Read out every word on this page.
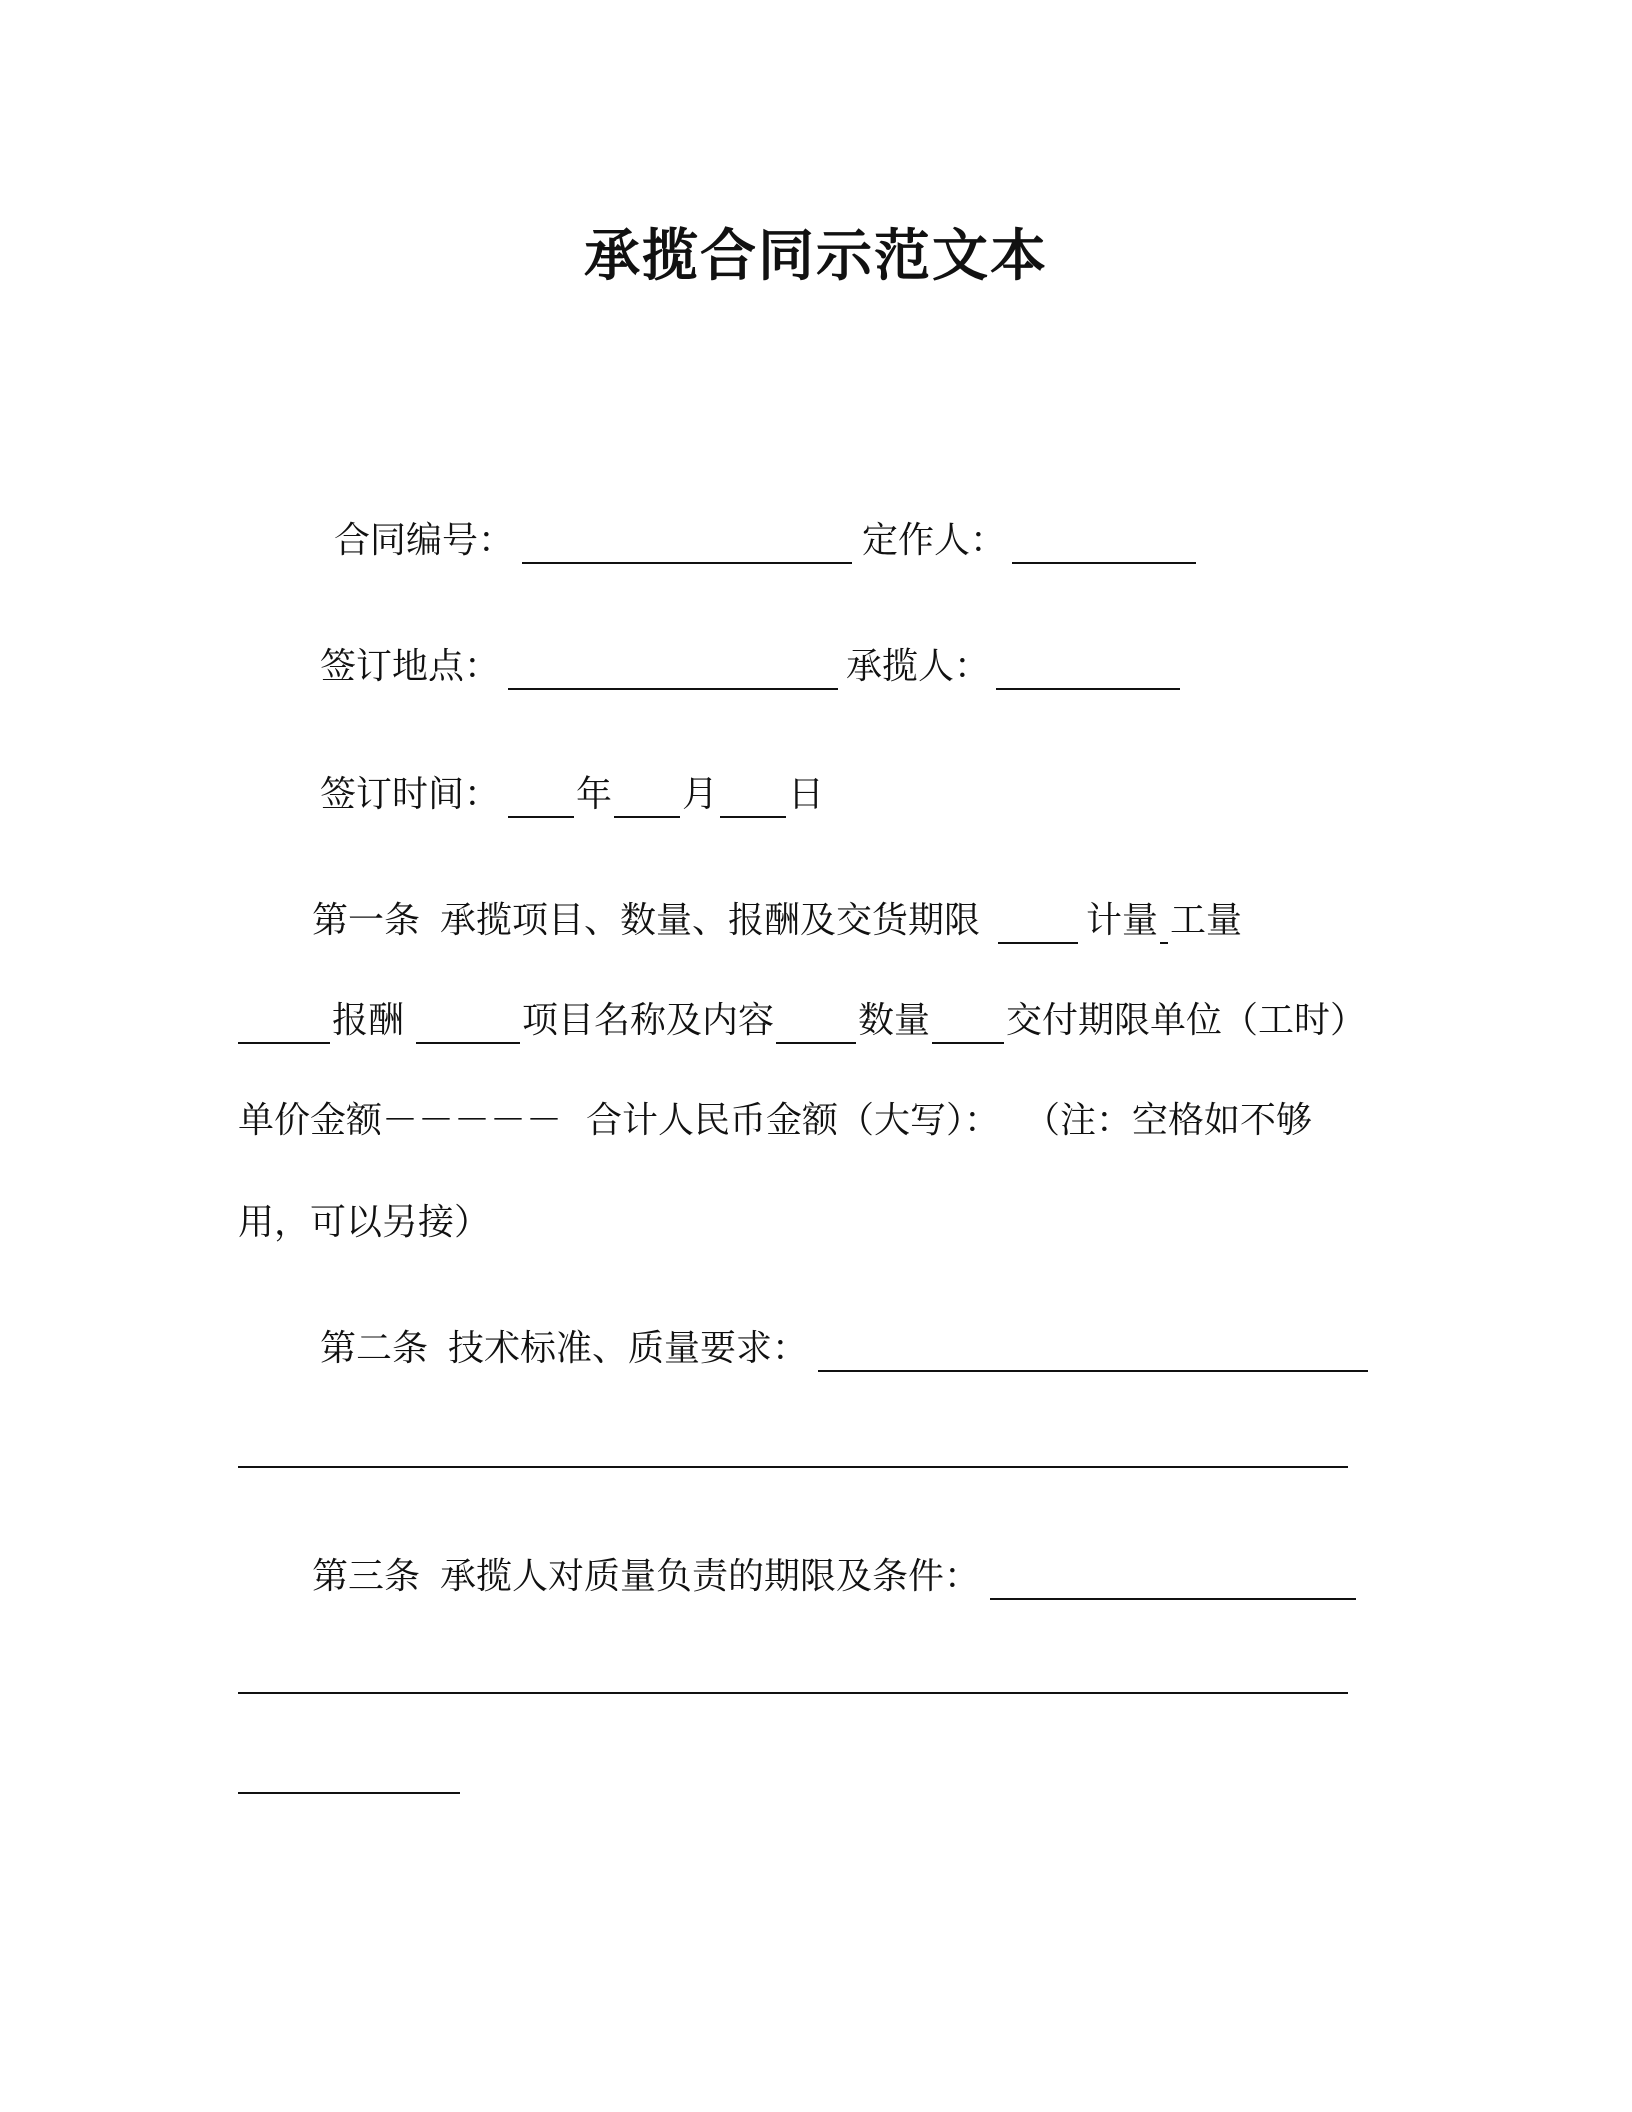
承揽合同示范文本
合同编号：	定作人：
签订地点：	承揽人：
签订时间： 年 月 日
第一条 承揽项目、数量、报酬及交货期限	计量 工量
报酬	项目名称及内容 数量 交付期限单位（工时）
单价金额－－－－－ 合计人民币金额（大写）： （注：空格如不够
用，可以另接）
第二条 技术标准、质量要求：
第三条 承揽人对质量负责的期限及条件：
